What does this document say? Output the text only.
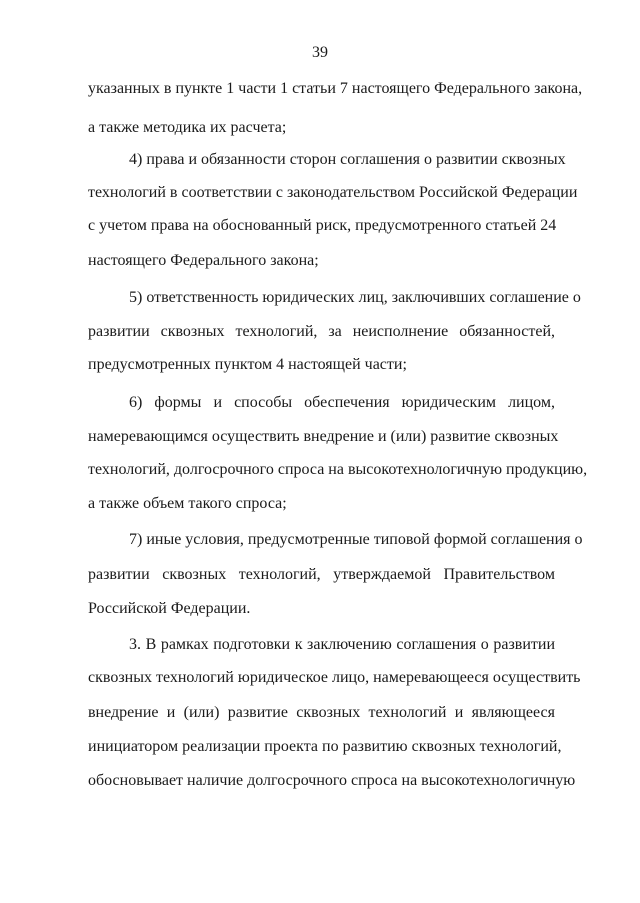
39
указанных в пункте 1 части 1 статьи 7 настоящего Федерального закона,
а также методика их расчета;
4) права и обязанности сторон соглашения о развитии сквозных
технологий в соответствии с законодательством Российской Федерации
с учетом права на обоснованный риск, предусмотренного статьей 24
настоящего Федерального закона;
5) ответственность юридических лиц, заключивших соглашение о
развитии сквозных технологий, за неисполнение обязанностей,
предусмотренных пунктом 4 настоящей части;
6) формы и способы обеспечения юридическим лицом,
намеревающимся осуществить внедрение и (или) развитие сквозных
технологий, долгосрочного спроса на высокотехнологичную продукцию,
а также объем такого спроса;
7) иные условия, предусмотренные типовой формой соглашения о
развитии сквозных технологий, утверждаемой Правительством
Российской Федерации.
3. В рамках подготовки к заключению соглашения о развитии
сквозных технологий юридическое лицо, намеревающееся осуществить
внедрение и (или) развитие сквозных технологий и являющееся
инициатором реализации проекта по развитию сквозных технологий,
обосновывает наличие долгосрочного спроса на высокотехнологичную
